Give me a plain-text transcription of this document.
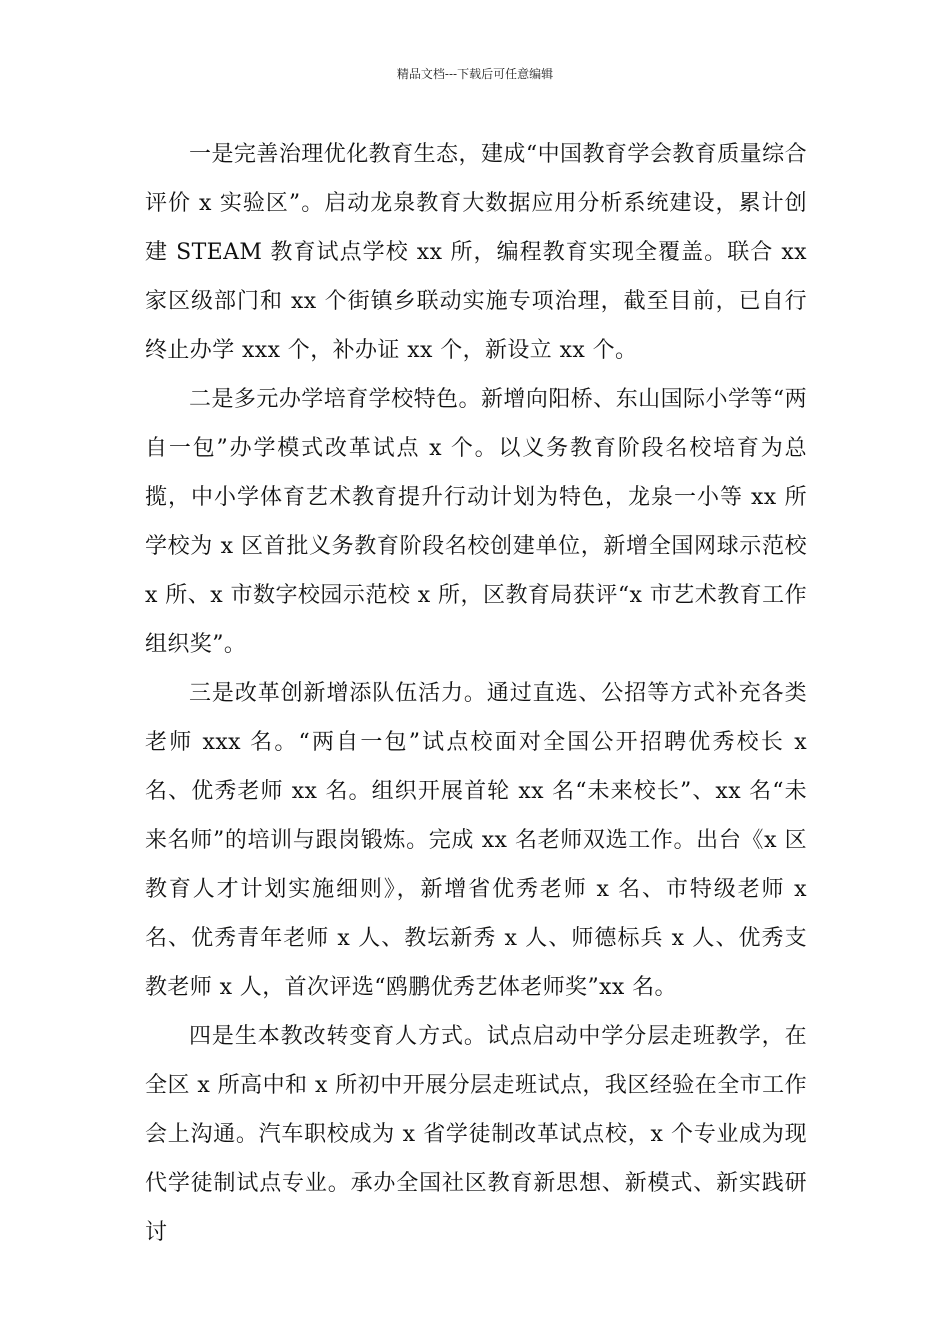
精品文档---下载后可任意编辑

一是完善治理优化教育生态，建成“中国教育学会教育质量综合评价 x 实验区”。启动龙泉教育大数据应用分析系统建设，累计创建 STEAM 教育试点学校 xx 所，编程教育实现全覆盖。联合 xx 家区级部门和 xx 个街镇乡联动实施专项治理，截至目前，已自行终止办学 xxx 个，补办证 xx 个，新设立 xx 个。

二是多元办学培育学校特色。新增向阳桥、东山国际小学等“两自一包”办学模式改革试点 x 个。以义务教育阶段名校培育为总揽，中小学体育艺术教育提升行动计划为特色，龙泉一小等 xx 所学校为 x 区首批义务教育阶段名校创建单位，新增全国网球示范校 x 所、x 市数字校园示范校 x 所，区教育局获评“x 市艺术教育工作组织奖”。

三是改革创新增添队伍活力。通过直选、公招等方式补充各类老师 xxx 名。“两自一包”试点校面对全国公开招聘优秀校长 x 名、优秀老师 xx 名。组织开展首轮 xx 名“未来校长”、xx 名“未来名师”的培训与跟岗锻炼。完成 xx 名老师双选工作。出台《x 区教育人才计划实施细则》，新增省优秀老师 x 名、市特级老师 x 名、优秀青年老师 x 人、教坛新秀 x 人、师德标兵 x 人、优秀支教老师 x 人，首次评选“鸥鹏优秀艺体老师奖”xx 名。

四是生本教改转变育人方式。试点启动中学分层走班教学，在全区 x 所高中和 x 所初中开展分层走班试点，我区经验在全市工作会上沟通。汽车职校成为 x 省学徒制改革试点校，x 个专业成为现代学徒制试点专业。承办全国社区教育新思想、新模式、新实践研讨
